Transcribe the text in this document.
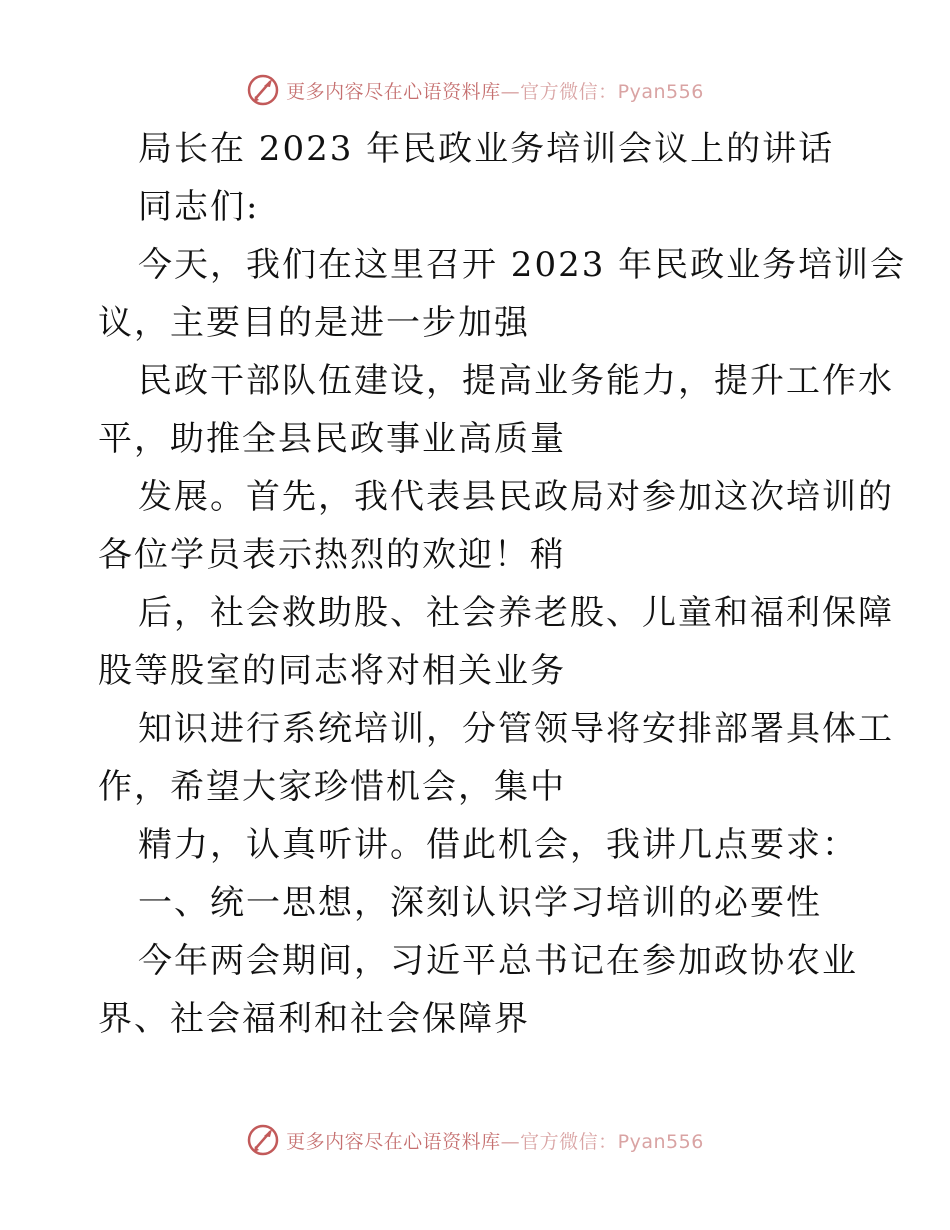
更多内容尽在心语资料库—官方微信：Pyan556

局长在 2023 年民政业务培训会议上的讲话

同志们:

今天，我们在这里召开 2023 年民政业务培训会

议，主要目的是进一步加强

民政干部队伍建设，提高业务能力，提升工作水

平，助推全县民政事业高质量

发展。首先，我代表县民政局对参加这次培训的

各位学员表示热烈的欢迎！稍

后，社会救助股、社会养老股、儿童和福利保障

股等股室的同志将对相关业务

知识进行系统培训，分管领导将安排部署具体工

作，希望大家珍惜机会，集中

精力，认真听讲。借此机会，我讲几点要求：

一、统一思想，深刻认识学习培训的必要性

今年两会期间，习近平总书记在参加政协农业

界、社会福利和社会保障界

更多内容尽在心语资料库—官方微信：Pyan556
